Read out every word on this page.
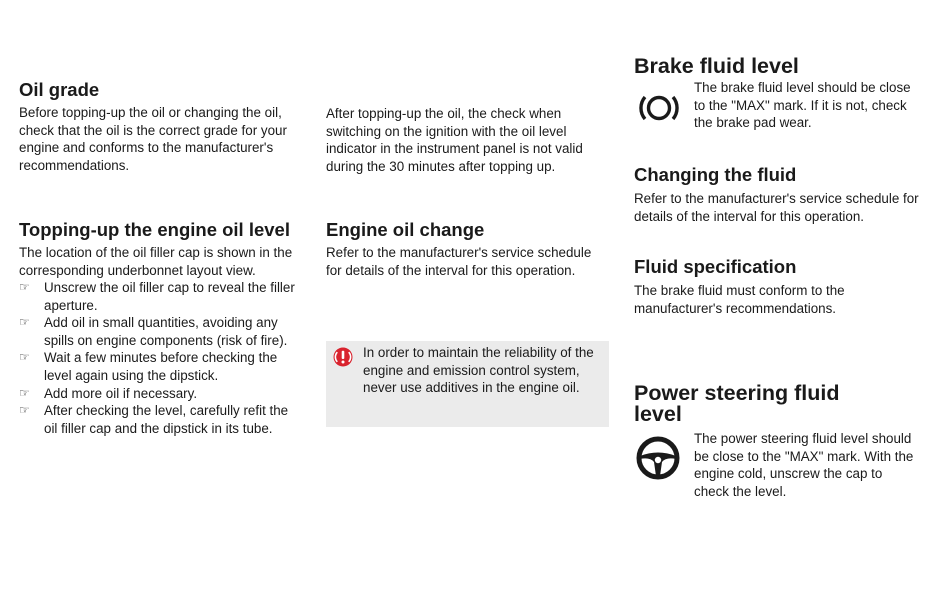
Oil grade

Before topping-up the oil or changing the oil, check that the oil is the correct grade for your engine and conforms to the manufacturer's recommendations.

Topping-up the engine oil level

The location of the oil filler cap is shown in the corresponding underbonnet layout view.

☞ Unscrew the oil filler cap to reveal the filler aperture.
☞ Add oil in small quantities, avoiding any spills on engine components (risk of fire).
☞ Wait a few minutes before checking the level again using the dipstick.
☞ Add more oil if necessary.
☞ After checking the level, carefully refit the oil filler cap and the dipstick in its tube.

After topping-up the oil, the check when switching on the ignition with the oil level indicator in the instrument panel is not valid during the 30 minutes after topping up.

Engine oil change

Refer to the manufacturer's service schedule for details of the interval for this operation.

In order to maintain the reliability of the engine and emission control system, never use additives in the engine oil.

Brake fluid level

The brake fluid level should be close to the "MAX" mark. If it is not, check the brake pad wear.

Changing the fluid

Refer to the manufacturer's service schedule for details of the interval for this operation.

Fluid specification

The brake fluid must conform to the manufacturer's recommendations.

Power steering fluid level

The power steering fluid level should be close to the "MAX" mark. With the engine cold, unscrew the cap to check the level.
